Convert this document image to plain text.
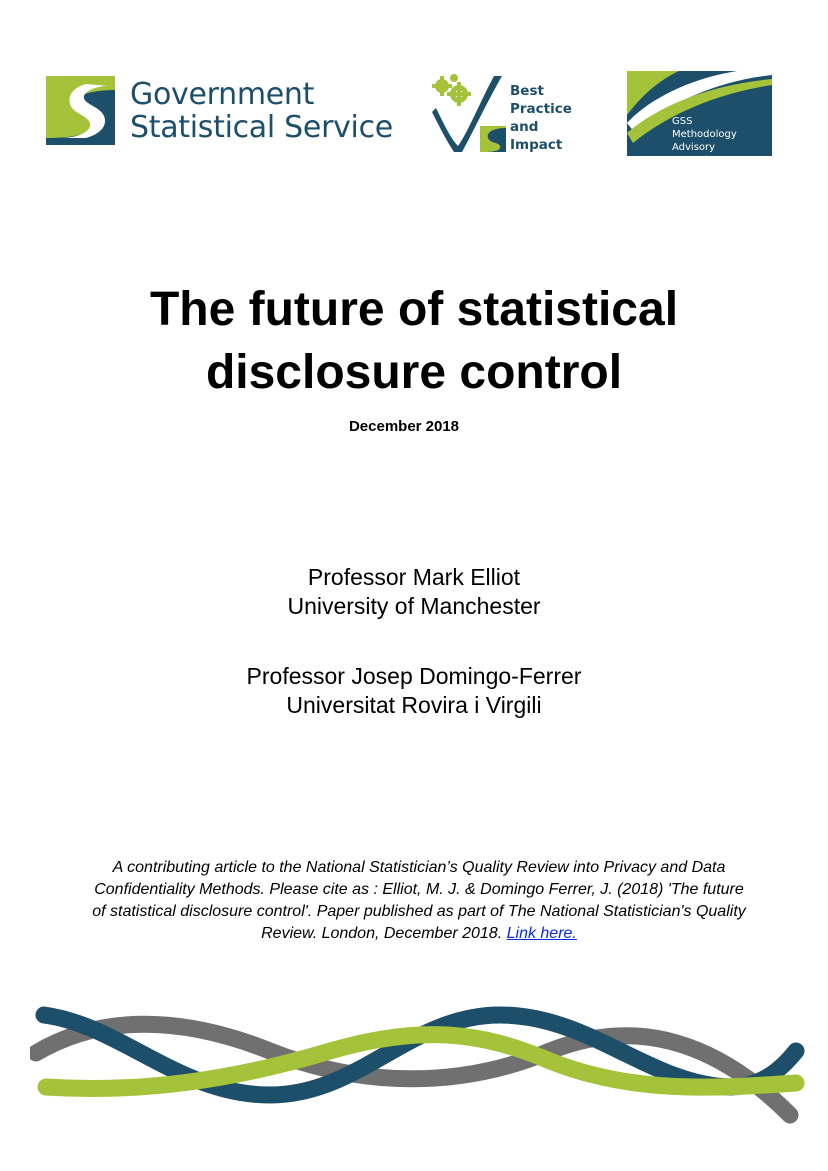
Government
Statistical Service
Best
Practice
and
Impact
GSS
Methodology
Advisory Committee
The future of statistical
disclosure control
December 2018
Professor Mark Elliot
University of Manchester
Professor Josep Domingo-Ferrer
Universitat Rovira i Virgili
A contributing article to the National Statistician’s Quality Review into Privacy and Data Confidentiality Methods. Please cite as : Elliot, M. J. & Domingo Ferrer, J. (2018) 'The future of statistical disclosure control'. Paper published as part of The National Statistician's Quality Review. London, December 2018. Link here.
